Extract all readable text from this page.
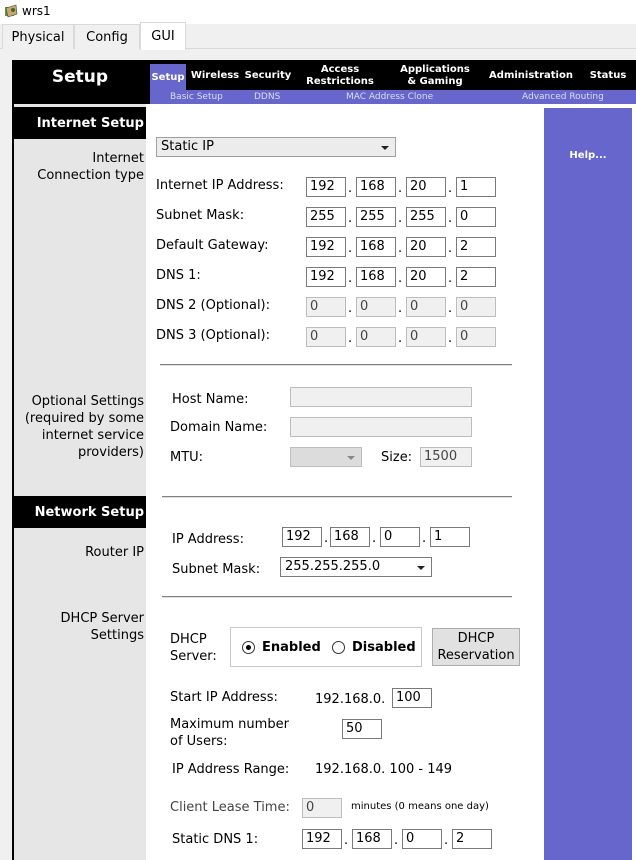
wrs1
Physical	Config	GUI
Setup	Setup Wireless Security
Access
Restrictions
Applications
& Gaming
Administration	Status
Basic Setup	DDNS	MAC Address Clone	Advanced Routing
Internet Setup
Internet
Connection type
Optional Settings
(required by some
internet service
providers)
Network Setup
Router IP
DHCP Server
Settings
Help...
Static IP
Internet IP Address:	192	. 168	. 20	. 1
Subnet Mask:	255	. 255	. 255	. 0
Default Gateway:	192	. 168	. 20	. 2
DNS 1:	192	. 168	. 20	. 2
DNS 2 (Optional):	0	. 0	. 0	. 0
DNS 3 (Optional):	0	. 0	. 0	. 0
Host Name:
Domain Name:
MTU:	Size: 1500
IP Address:	192	. 168	. 0	. 1
Subnet Mask:	255.255.255.0
DHCP
Server:
Enabled Disabled
DHCP
Reservation
Start IP Address:	192.168.0. 100
Maximum number
of Users:
50
IP Address Range: 192.168.0. 100 - 149
Client Lease Time:	0	minutes (0 means one day)
Static DNS 1:	192	. 168	. 0	. 2
